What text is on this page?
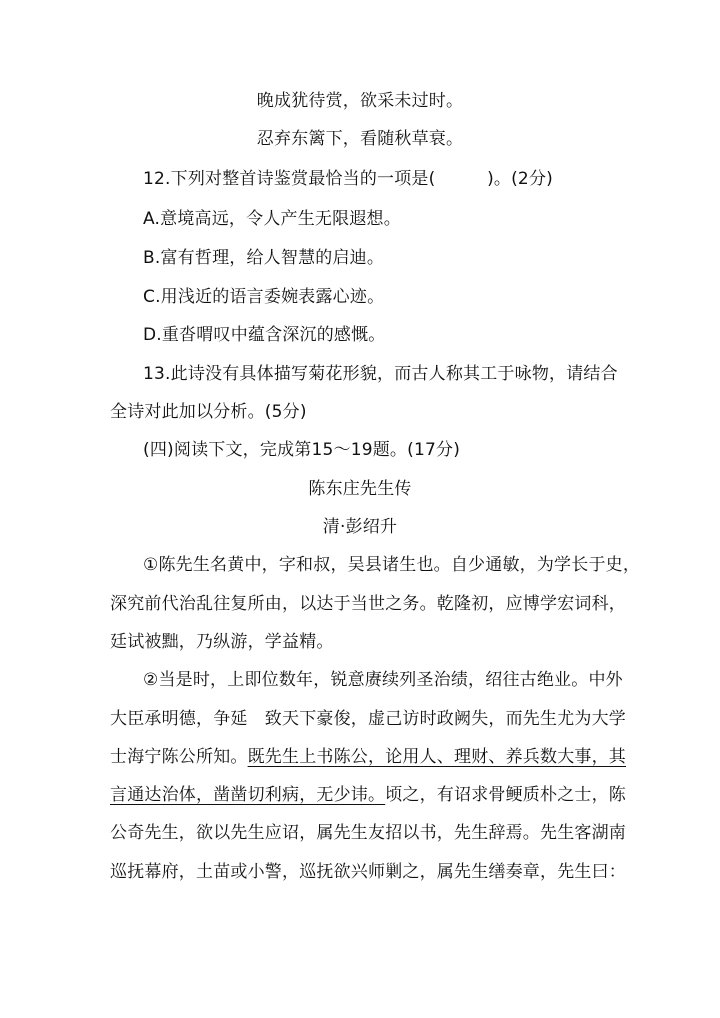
晚成犹待赏，欲采未过时。
忍弃东篱下，看随秋草衰。
12.下列对整首诗鉴赏最恰当的一项是(　　　)。(2分)
A.意境高远，令人产生无限遐想。
B.富有哲理，给人智慧的启迪。
C.用浅近的语言委婉表露心迹。
D.重沓喟叹中蕴含深沉的感慨。
13.此诗没有具体描写菊花形貌，而古人称其工于咏物，请结合
全诗对此加以分析。(5分)
(四)阅读下文，完成第15～19题。(17分)
陈东庄先生传
清·彭绍升
①陈先生名黄中，字和叔，吴县诸生也。自少通敏，为学长于史，
深究前代治乱往复所由，以达于当世之务。乾隆初，应博学宏词科，
廷试被黜，乃纵游，学益精。
②当是时，上即位数年，锐意赓续列圣治绩，绍往古绝业。中外
大臣承明德，争延　致天下豪俊，虚己访时政阙失，而先生尤为大学
士海宁陈公所知。既先生上书陈公，论用人、理财、养兵数大事，其
言通达治体，凿凿切利病，无少讳。顷之，有诏求骨鲠质朴之士，陈
公奇先生，欲以先生应诏，属先生友招以书，先生辞焉。先生客湖南
巡抚幕府，土苗或小警，巡抚欲兴师剿之，属先生缮奏章，先生曰：
